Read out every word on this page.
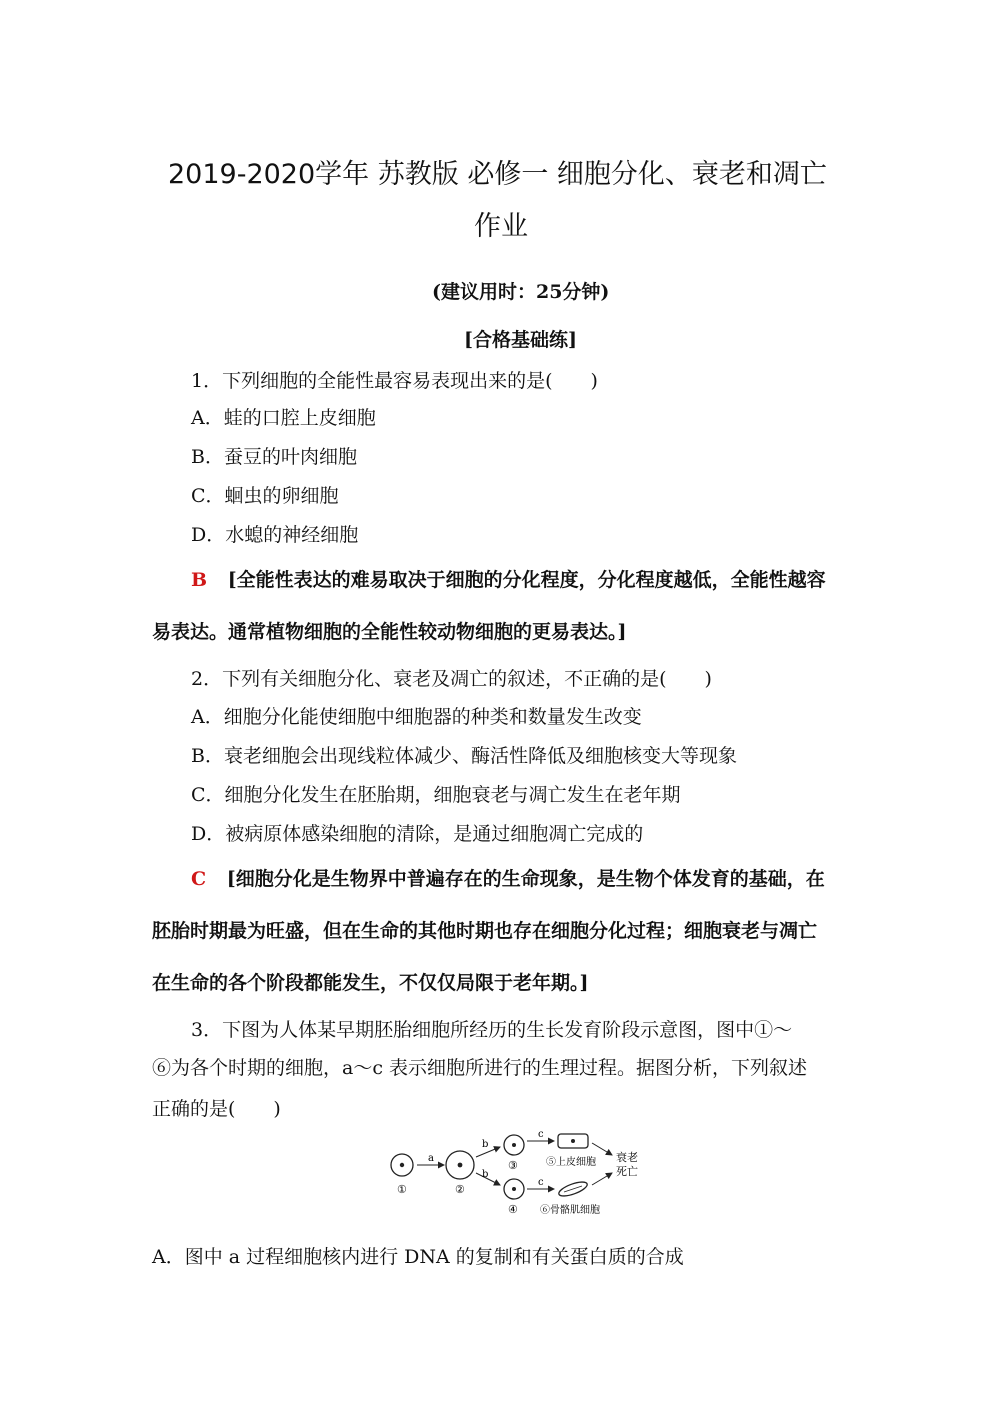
2019-2020学年 苏教版 必修一 细胞分化、衰老和凋亡
作业
(建议用时：25分钟)
[合格基础练]
1．下列细胞的全能性最容易表现出来的是( )
A．蛙的口腔上皮细胞
B．蚕豆的叶肉细胞
C．蛔虫的卵细胞
D．水螅的神经细胞
B [全能性表达的难易取决于细胞的分化程度，分化程度越低，全能性越容
易表达。通常植物细胞的全能性较动物细胞的更易表达。]
2．下列有关细胞分化、衰老及凋亡的叙述，不正确的是( )
A．细胞分化能使细胞中细胞器的种类和数量发生改变
B．衰老细胞会出现线粒体减少、酶活性降低及细胞核变大等现象
C．细胞分化发生在胚胎期，细胞衰老与凋亡发生在老年期
D．被病原体感染细胞的清除，是通过细胞凋亡完成的
C [细胞分化是生物界中普遍存在的生命现象，是生物个体发育的基础，在
胚胎时期最为旺盛，但在生命的其他时期也存在细胞分化过程；细胞衰老与凋亡
在生命的各个阶段都能发生，不仅仅局限于老年期。]
3．下图为人体某早期胚胎细胞所经历的生长发育阶段示意图，图中①～
⑥为各个时期的细胞，a～c 表示细胞所进行的生理过程。据图分析，下列叙述
正确的是( )
①
a
②
b
b
③
④
c
c
⑤上皮细胞
⑥骨骼肌细胞
衰老
死亡
A．图中 a 过程细胞核内进行 DNA 的复制和有关蛋白质的合成
